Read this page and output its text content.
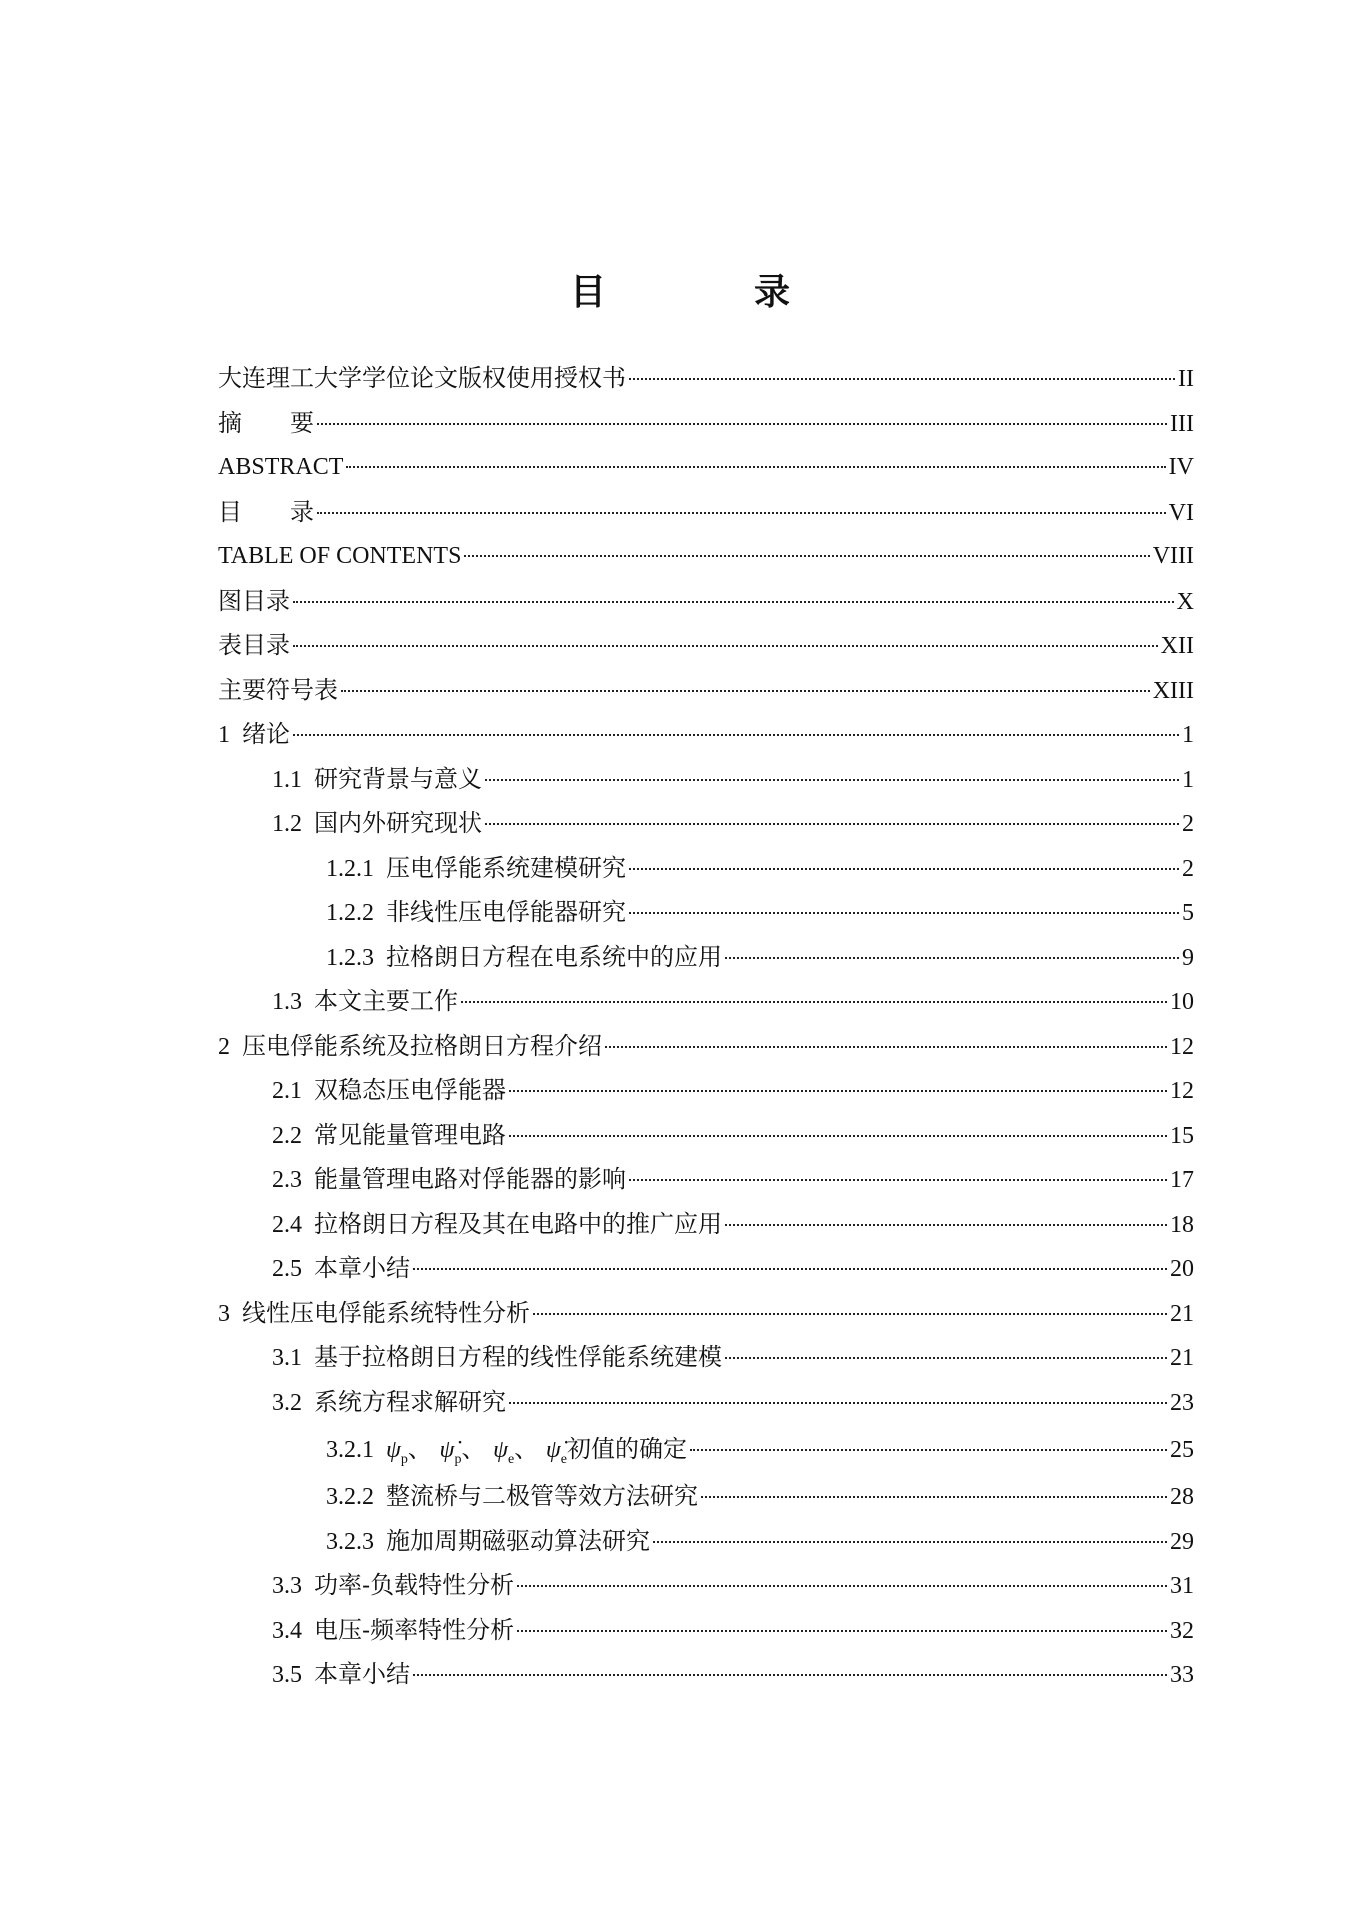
目　录
大连理工大学学位论文版权使用授权书	II
摘　　要	III
ABSTRACT	IV
目　　录	VI
TABLE OF CONTENTS	VIII
图目录	X
表目录	XII
主要符号表	XIII
1 绪论	1
1.1 研究背景与意义	1
1.2 国内外研究现状	2
1.2.1 压电俘能系统建模研究	2
1.2.2 非线性压电俘能器研究	5
1.2.3 拉格朗日方程在电系统中的应用	9
1.3 本文主要工作	10
2 压电俘能系统及拉格朗日方程介绍	12
2.1 双稳态压电俘能器	12
2.2 常见能量管理电路	15
2.3 能量管理电路对俘能器的影响	17
2.4 拉格朗日方程及其在电路中的推广应用	18
2.5 本章小结	20
3 线性压电俘能系统特性分析	21
3.1 基于拉格朗日方程的线性俘能系统建模	21
3.2 系统方程求解研究	23
3.2.1 $\psi_p$、 $\psi̇_p$、 $\psi_e$、 $\psi̇_e$ 初值的确定	25
3.2.2 整流桥与二极管等效方法研究	28
3.2.3 施加周期磁驱动算法研究	29
3.3 功率-负载特性分析	31
3.4 电压-频率特性分析	32
3.5 本章小结	33
